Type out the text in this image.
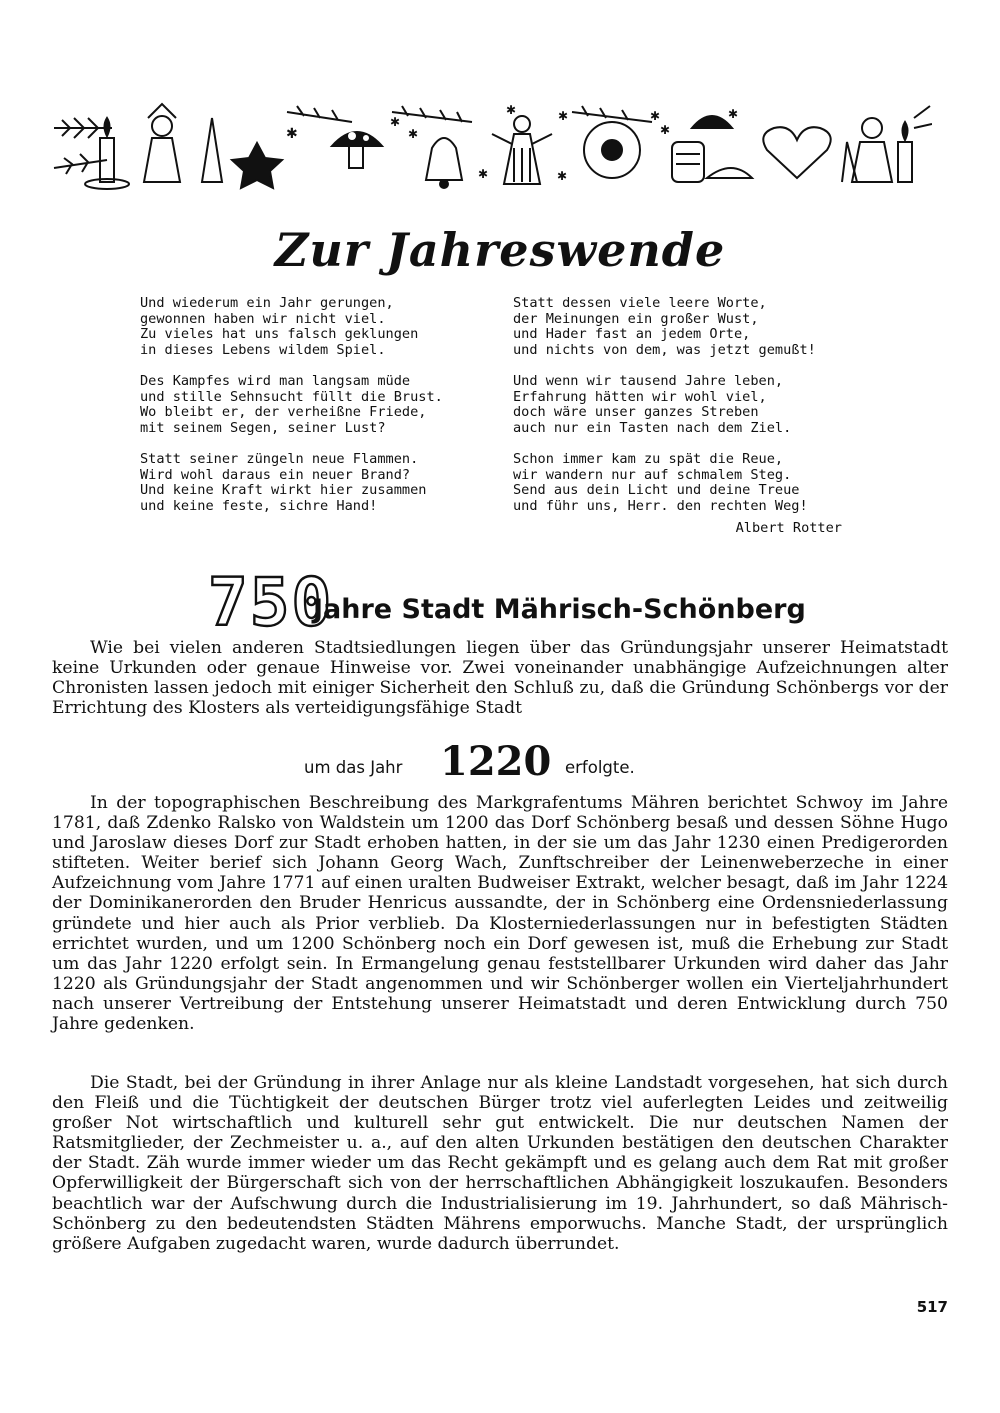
✱
✱
✱
✱	✱	✱
✱
✱
✱	✱
Zur Jahreswende
Und wiederum ein Jahr gerungen,
gewonnen haben wir nicht viel.
Zu vieles hat uns falsch geklungen
in dieses Lebens wildem Spiel.
Des Kampfes wird man langsam müde
und stille Sehnsucht füllt die Brust.
Wo bleibt er, der verheißne Friede,
mit seinem Segen, seiner Lust?
Statt seiner züngeln neue Flammen.
Wird wohl daraus ein neuer Brand?
Und keine Kraft wirkt hier zusammen
und keine feste, sichre Hand!
Statt dessen viele leere Worte,
der Meinungen ein großer Wust,
und Hader fast an jedem Orte,
und nichts von dem, was jetzt gemußt!
Und wenn wir tausend Jahre leben,
Erfahrung hätten wir wohl viel,
doch wäre unser ganzes Streben
auch nur ein Tasten nach dem Ziel.
Schon immer kam zu spät die Reue,
wir wandern nur auf schmalem Steg.
Send aus dein Licht und deine Treue
und führ uns, Herr. den rechten Weg!
Albert Rotter
750
Jahre Stadt Mährisch-Schönberg

Wie bei vielen anderen Stadtsiedlungen liegen über das Gründungsjahr unserer Heimatstadt keine Urkunden oder genaue Hinweise vor. Zwei voneinander unabhängige Aufzeichnungen alter Chronisten lassen jedoch mit einiger Sicherheit den Schluß zu, daß die Gründung Schönbergs vor der Errichtung des Klosters als verteidigungsfähige Stadt

um das Jahr 1220 erfolgte.

In der topographischen Beschreibung des Markgrafentums Mähren berichtet Schwoy im Jahre 1781, daß Zdenko Ralsko von Waldstein um 1200 das Dorf Schönberg besaß und dessen Söhne Hugo und Jaroslaw dieses Dorf zur Stadt erhoben hatten, in der sie um das Jahr 1230 einen Predigerorden stifteten. Weiter berief sich Johann Georg Wach, Zunftschreiber der Leinenweberzeche in einer Aufzeichnung vom Jahre 1771 auf einen uralten Budweiser Extrakt, welcher besagt, daß im Jahr 1224 der Dominikanerorden den Bruder Henricus aussandte, der in Schönberg eine Ordensniederlassung gründete und hier auch als Prior verblieb. Da Klosterniederlassungen nur in befestigten Städten errichtet wurden, und um 1200 Schönberg noch ein Dorf gewesen ist, muß die Erhebung zur Stadt um das Jahr 1220 erfolgt sein. In Ermangelung genau feststellbarer Urkunden wird daher das Jahr 1220 als Gründungsjahr der Stadt angenommen und wir Schönberger wollen ein Vierteljahrhundert nach unserer Vertreibung der Entstehung unserer Heimatstadt und deren Entwicklung durch 750 Jahre gedenken.

Die Stadt, bei der Gründung in ihrer Anlage nur als kleine Landstadt vorgesehen, hat sich durch den Fleiß und die Tüchtigkeit der deutschen Bürger trotz viel auferlegten Leides und zeitweilig großer Not wirtschaftlich und kulturell sehr gut entwickelt. Die nur deutschen Namen der Ratsmitglieder, der Zechmeister u. a., auf den alten Urkunden bestätigen den deutschen Charakter der Stadt. Zäh wurde immer wieder um das Recht gekämpft und es gelang auch dem Rat mit großer Opferwilligkeit der Bürgerschaft sich von der herrschaftlichen Abhängigkeit loszukaufen. Besonders beachtlich war der Aufschwung durch die Industrialisierung im 19. Jahrhundert, so daß Mährisch-Schönberg zu den bedeutendsten Städten Mährens emporwuchs. Manche Stadt, der ursprünglich größere Aufgaben zugedacht waren, wurde dadurch überrundet.

517
